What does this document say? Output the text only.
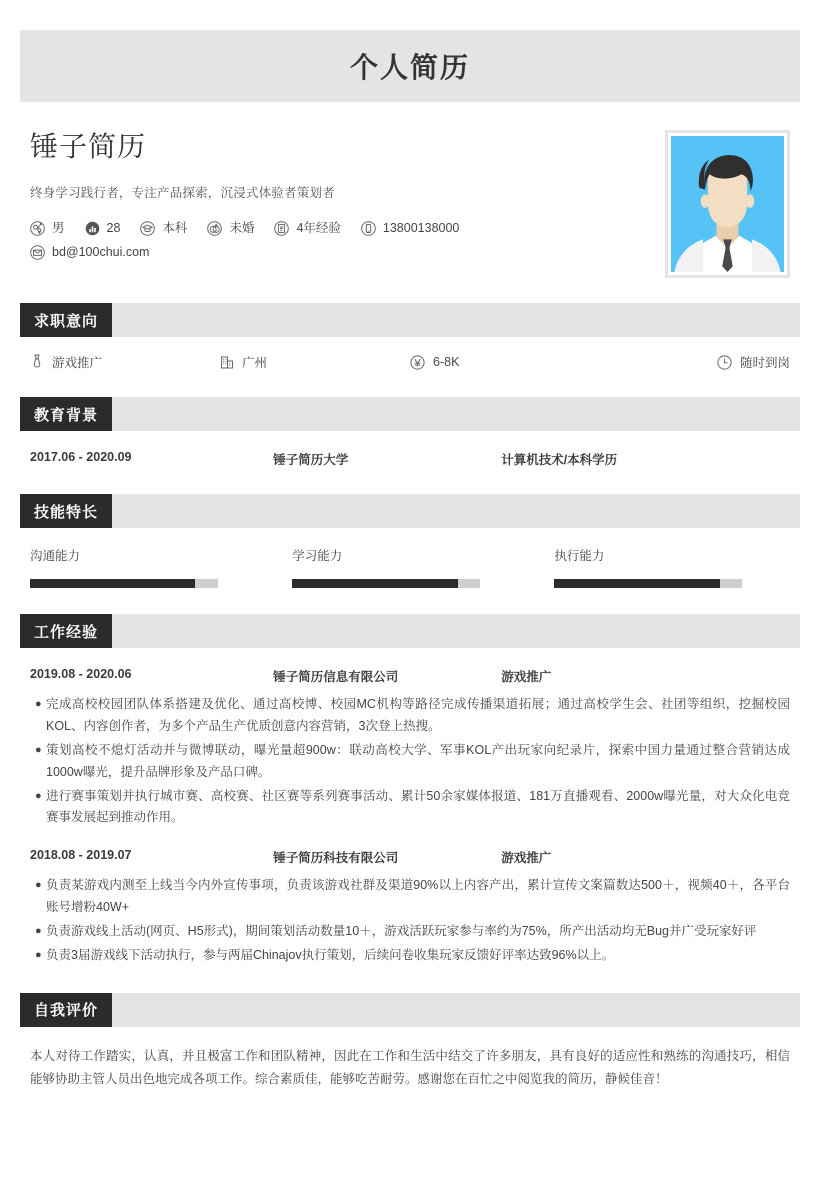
个人简历
锤子简历
终身学习践行者，专注产品探索，沉浸式体验者策划者
男	28	本科	未婚	4年经验	13800138000
bd@100chui.com
求职意向
游戏推广	广州	6-8K	随时到岗
教育背景
2017.06 - 2020.09	锤子简历大学	计算机技术/本科学历
技能特长
沟通能力	学习能力	执行能力
工作经验
2019.08 - 2020.06	锤子简历信息有限公司	游戏推广
● 完成高校校园团队体系搭建及优化、通过高校博、校园MC机构等路径完成传播渠道拓展；通过高校学生会、社团等组织，挖掘校园KOL、内容创作者，为多个产品生产优质创意内容营销，3次登上热搜。
● 策划高校不熄灯活动并与微博联动，曝光量超900w：联动高校大学、军事KOL产出玩家向纪录片，探索中国力量通过整合营销达成1000w曝光，提升品牌形象及产品口碑。
● 进行赛事策划并执行城市赛、高校赛、社区赛等系列赛事活动、累计50余家媒体报道、181万直播观看、2000w曝光量，对大众化电竞赛事发展起到推动作用。
2018.08 - 2019.07	锤子简历科技有限公司	游戏推广
● 负责某游戏内测至上线当今内外宣传事项，负责该游戏社群及渠道90%以上内容产出，累计宣传文案篇数达500＋，视频40＋，各平台账号增粉40W+
● 负责游戏线上活动(网页、H5形式)，期间策划活动数量10＋，游戏活跃玩家参与率约为75%，所产出活动均无Bug并广受玩家好评
● 负责3届游戏线下活动执行，参与两届Chinajov执行策划，后续问卷收集玩家反馈好评率达致96%以上。
自我评价
本人对待工作踏实，认真，并且极富工作和团队精神，因此在工作和生活中结交了许多朋友，具有良好的适应性和熟练的沟通技巧，相信能够协助主管人员出色地完成各项工作。综合素质佳，能够吃苦耐劳。感谢您在百忙之中阅览我的简历，静候佳音！
